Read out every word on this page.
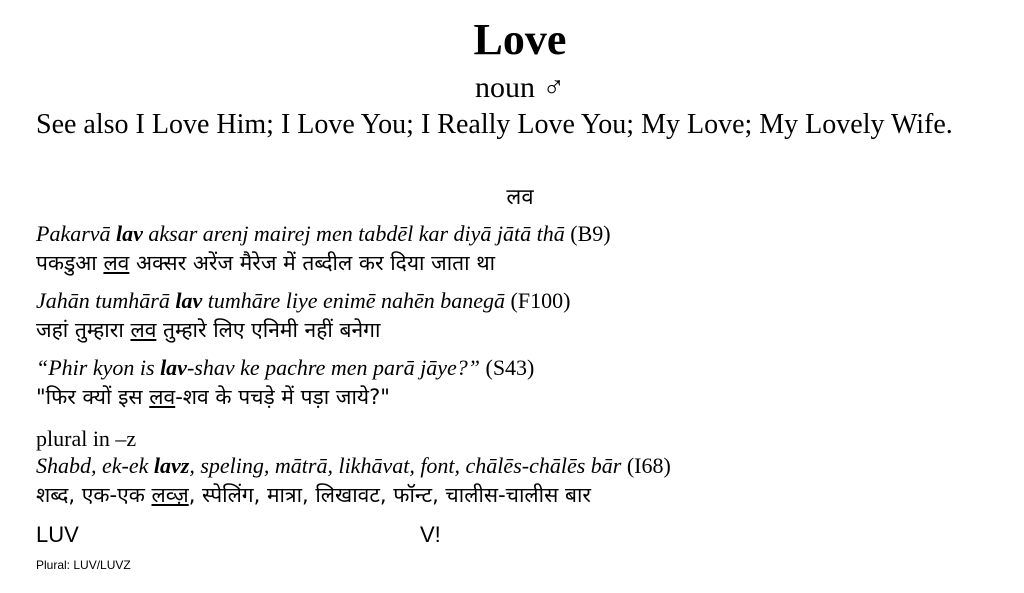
Love
noun ♂
See also I Love Him; I Love You; I Really Love You; My Love; My Lovely Wife.
लव
Pakarvā lav aksar arenj mairej men tabdēl kar diyā jātā thā (B9)
पकडुआ लव अक्सर अरेंज मैरेज में तब्दील कर दिया जाता था
Jahān tumhārā lav tumhāre liye enimē nahēn banegā (F100)
जहां तुम्हारा लव तुम्हारे लिए एनिमी नहीं बनेगा
“Phir kyon is lav-shav ke pachre men parā jāye?” (S43)
"फिर क्यों इस लव-शव के पचड़े में पड़ा जाये?"
plural in –z
Shabd, ek-ek lavz, speling, mātrā, likhāvat, font, chālēs-chālēs bār (I68)
शब्द, एक-एक लव्ज़, स्पेलिंग, मात्रा, लिखावट, फॉन्ट, चालीस-चालीस बार
LUV	V!
Plural: LUV/LUVZ
